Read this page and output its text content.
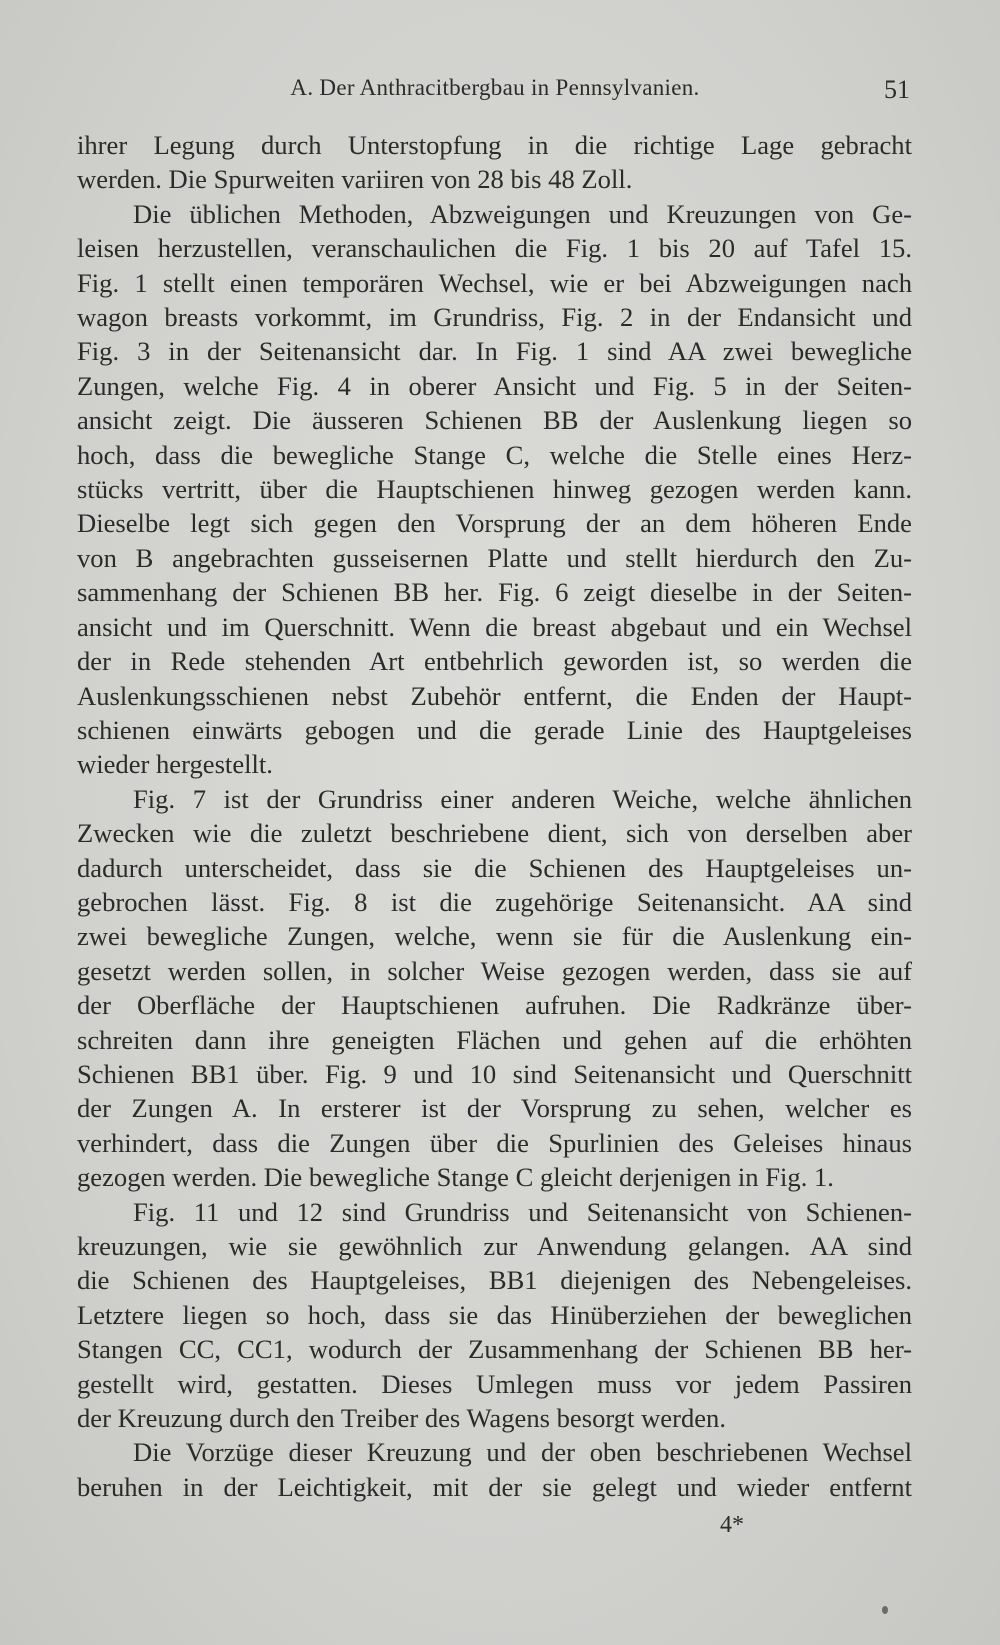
A. Der Anthracitbergbau in Pennsylvanien.	51

ihrer Legung durch Unterstopfung in die richtige Lage gebracht
werden. Die Spurweiten variiren von 28 bis 48 Zoll.

Die üblichen Methoden, Abzweigungen und Kreuzungen von Ge-
leisen herzustellen, veranschaulichen die Fig. 1 bis 20 auf Tafel 15.
Fig. 1 stellt einen temporären Wechsel, wie er bei Abzweigungen nach
wagon breasts vorkommt, im Grundriss, Fig. 2 in der Endansicht und
Fig. 3 in der Seitenansicht dar. In Fig. 1 sind AA zwei bewegliche
Zungen, welche Fig. 4 in oberer Ansicht und Fig. 5 in der Seiten-
ansicht zeigt. Die äusseren Schienen BB der Auslenkung liegen so
hoch, dass die bewegliche Stange C, welche die Stelle eines Herz-
stücks vertritt, über die Hauptschienen hinweg gezogen werden kann.
Dieselbe legt sich gegen den Vorsprung der an dem höheren Ende
von B angebrachten gusseisernen Platte und stellt hierdurch den Zu-
sammenhang der Schienen BB her. Fig. 6 zeigt dieselbe in der Seiten-
ansicht und im Querschnitt. Wenn die breast abgebaut und ein Wechsel
der in Rede stehenden Art entbehrlich geworden ist, so werden die
Auslenkungsschienen nebst Zubehör entfernt, die Enden der Haupt-
schienen einwärts gebogen und die gerade Linie des Hauptgeleises
wieder hergestellt.

Fig. 7 ist der Grundriss einer anderen Weiche, welche ähnlichen
Zwecken wie die zuletzt beschriebene dient, sich von derselben aber
dadurch unterscheidet, dass sie die Schienen des Hauptgeleises un-
gebrochen lässt. Fig. 8 ist die zugehörige Seitenansicht. AA sind
zwei bewegliche Zungen, welche, wenn sie für die Auslenkung ein-
gesetzt werden sollen, in solcher Weise gezogen werden, dass sie auf
der Oberfläche der Hauptschienen aufruhen. Die Radkränze über-
schreiten dann ihre geneigten Flächen und gehen auf die erhöhten
Schienen BB1 über. Fig. 9 und 10 sind Seitenansicht und Querschnitt
der Zungen A. In ersterer ist der Vorsprung zu sehen, welcher es
verhindert, dass die Zungen über die Spurlinien des Geleises hinaus
gezogen werden. Die bewegliche Stange C gleicht derjenigen in Fig. 1.

Fig. 11 und 12 sind Grundriss und Seitenansicht von Schienen-
kreuzungen, wie sie gewöhnlich zur Anwendung gelangen. AA sind
die Schienen des Hauptgeleises, BB1 diejenigen des Nebengeleises.
Letztere liegen so hoch, dass sie das Hinüberziehen der beweglichen
Stangen CC, CC1, wodurch der Zusammenhang der Schienen BB her-
gestellt wird, gestatten. Dieses Umlegen muss vor jedem Passiren
der Kreuzung durch den Treiber des Wagens besorgt werden.

Die Vorzüge dieser Kreuzung und der oben beschriebenen Wechsel
beruhen in der Leichtigkeit, mit der sie gelegt und wieder entfernt

4*
